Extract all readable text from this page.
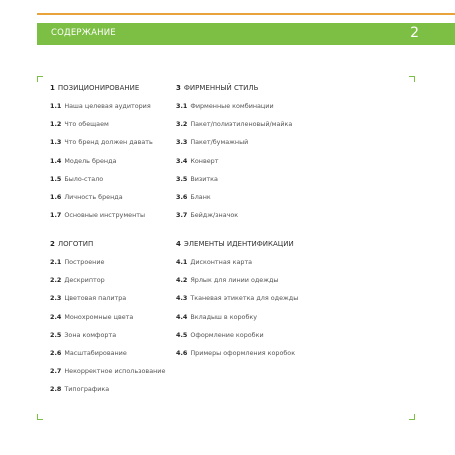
СОДЕРЖАНИЕ	2
1 ПОЗИЦИОНИРОВАНИЕ
1.1 Наша целевая аудитория
1.2 Что обещаем
1.3 Что бренд должен давать
1.4 Модель бренда
1.5 Было-стало
1.6 Личность бренда
1.7 Основные инструменты
2 ЛОГОТИП
2.1 Построение
2.2 Дескриптор
2.3 Цветовая палитра
2.4 Монохромные цвета
2.5 Зона комфорта
2.6 Масштабирование
2.7 Некорректное использование
2.8 Типографика
3 ФИРМЕННЫЙ СТИЛЬ
3.1 Фирменные комбинации
3.2 Пакет/полиэтиленовый/майка
3.3 Пакет/бумажный
3.4 Конверт
3.5 Визитка
3.6 Бланк
3.7 Бейдж/значок
4 ЭЛЕМЕНТЫ ИДЕНТИФИКАЦИИ
4.1 Дисконтная карта
4.2 Ярлык для линии одежды
4.3 Тканевая этикетка для одежды
4.4 Вкладыш в коробку
4.5 Оформление коробки
4.6 Примеры оформления коробок
